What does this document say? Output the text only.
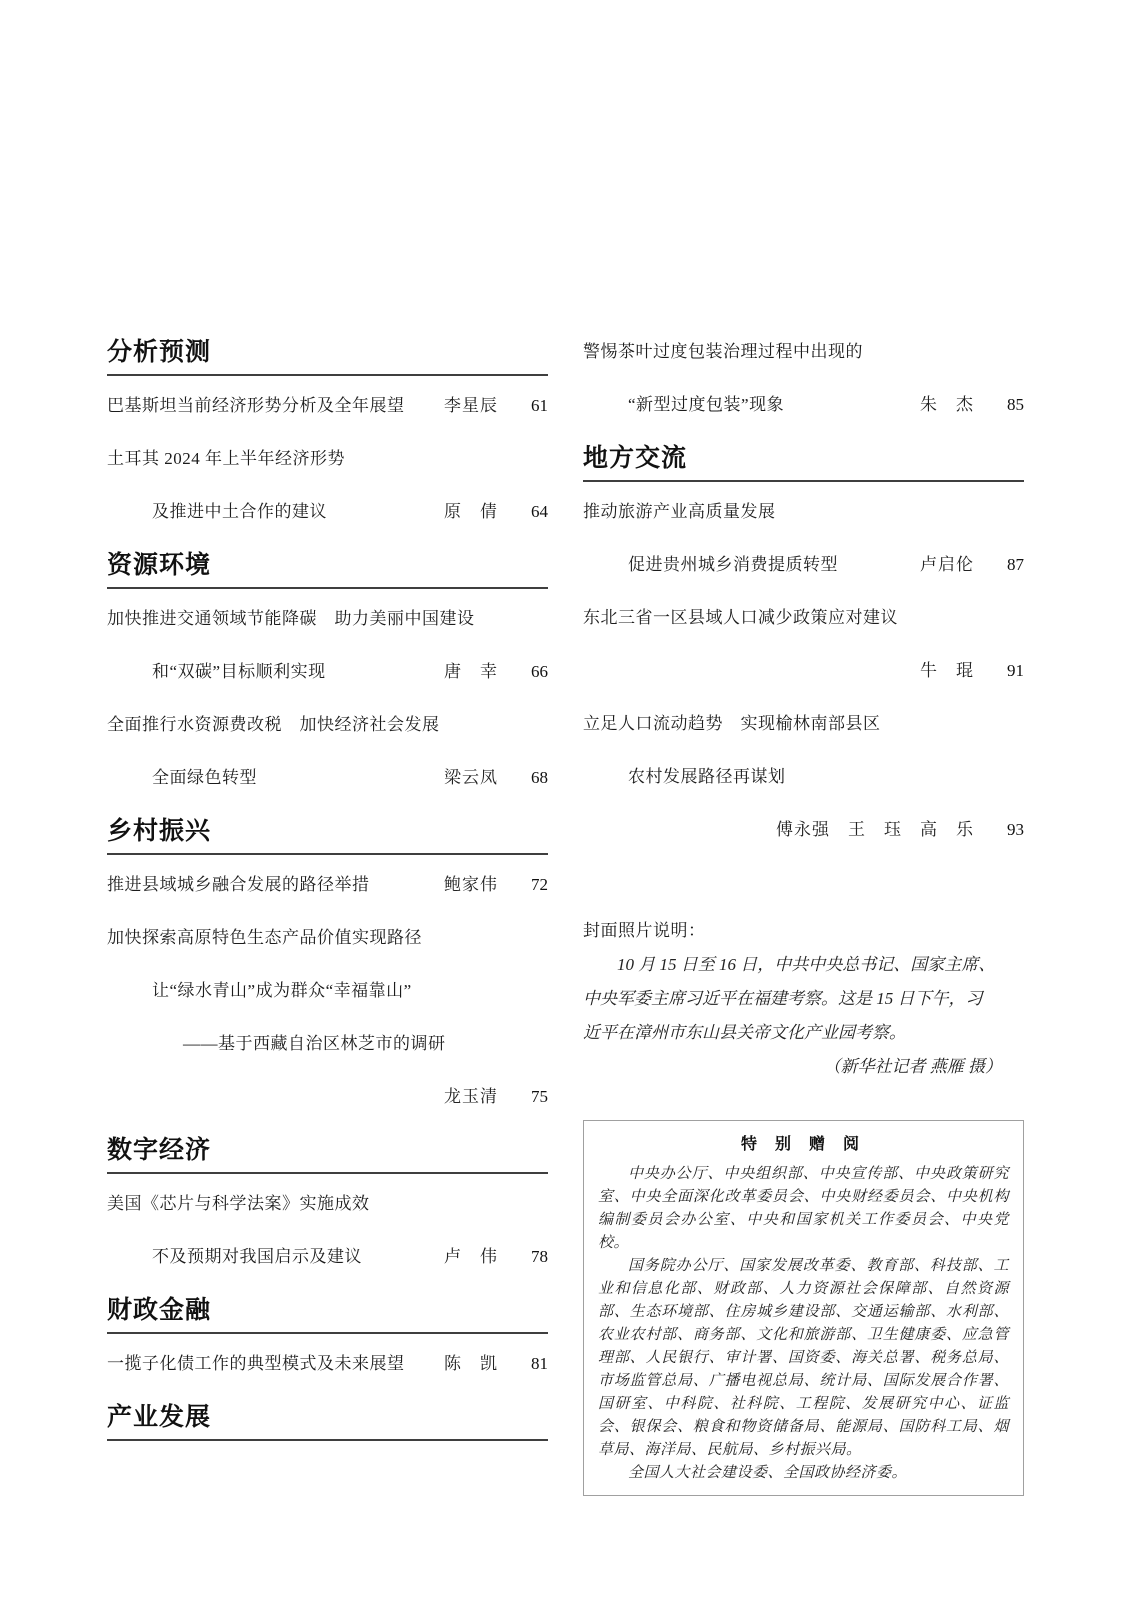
分析预测
巴基斯坦当前经济形势分析及全年展望	李星辰	61
土耳其 2024 年上半年经济形势
及推进中土合作的建议	原　倩	64
资源环境
加快推进交通领域节能降碳　助力美丽中国建设
和“双碳”目标顺利实现	唐　幸	66
全面推行水资源费改税　加快经济社会发展
全面绿色转型	梁云凤	68
乡村振兴
推进县域城乡融合发展的路径举措	鲍家伟	72
加快探索高原特色生态产品价值实现路径
让“绿水青山”成为群众“幸福靠山”
——基于西藏自治区林芝市的调研
龙玉清	75
数字经济
美国《芯片与科学法案》实施成效
不及预期对我国启示及建议	卢　伟	78
财政金融
一揽子化债工作的典型模式及未来展望	陈　凯	81
产业发展
警惕茶叶过度包装治理过程中出现的
“新型过度包装”现象	朱　杰	85
地方交流
推动旅游产业高质量发展
促进贵州城乡消费提质转型	卢启伦	87
东北三省一区县域人口减少政策应对建议
牛　琨	91
立足人口流动趋势　实现榆林南部县区
农村发展路径再谋划
傅永强　王　珏　高　乐	93
封面照片说明：
10 月 15 日至 16 日，中共中央总书记、国家主席、
中央军委主席习近平在福建考察。这是 15 日下午，习
近平在漳州市东山县关帝文化产业园考察。
（新华社记者 燕雁 摄）
特 别 赠 阅

中央办公厅、中央组织部、中央宣传部、中央政策研究室、中央全面深化改革委员会、中央财经委员会、中央机构编制委员会办公室、中央和国家机关工作委员会、中央党校。

国务院办公厅、国家发展改革委、教育部、科技部、工业和信息化部、财政部、人力资源社会保障部、自然资源部、生态环境部、住房城乡建设部、交通运输部、水利部、农业农村部、商务部、文化和旅游部、卫生健康委、应急管理部、人民银行、审计署、国资委、海关总署、税务总局、市场监管总局、广播电视总局、统计局、国际发展合作署、国研室、中科院、社科院、工程院、发展研究中心、证监会、银保会、粮食和物资储备局、能源局、国防科工局、烟草局、海洋局、民航局、乡村振兴局。

全国人大社会建设委、全国政协经济委。
